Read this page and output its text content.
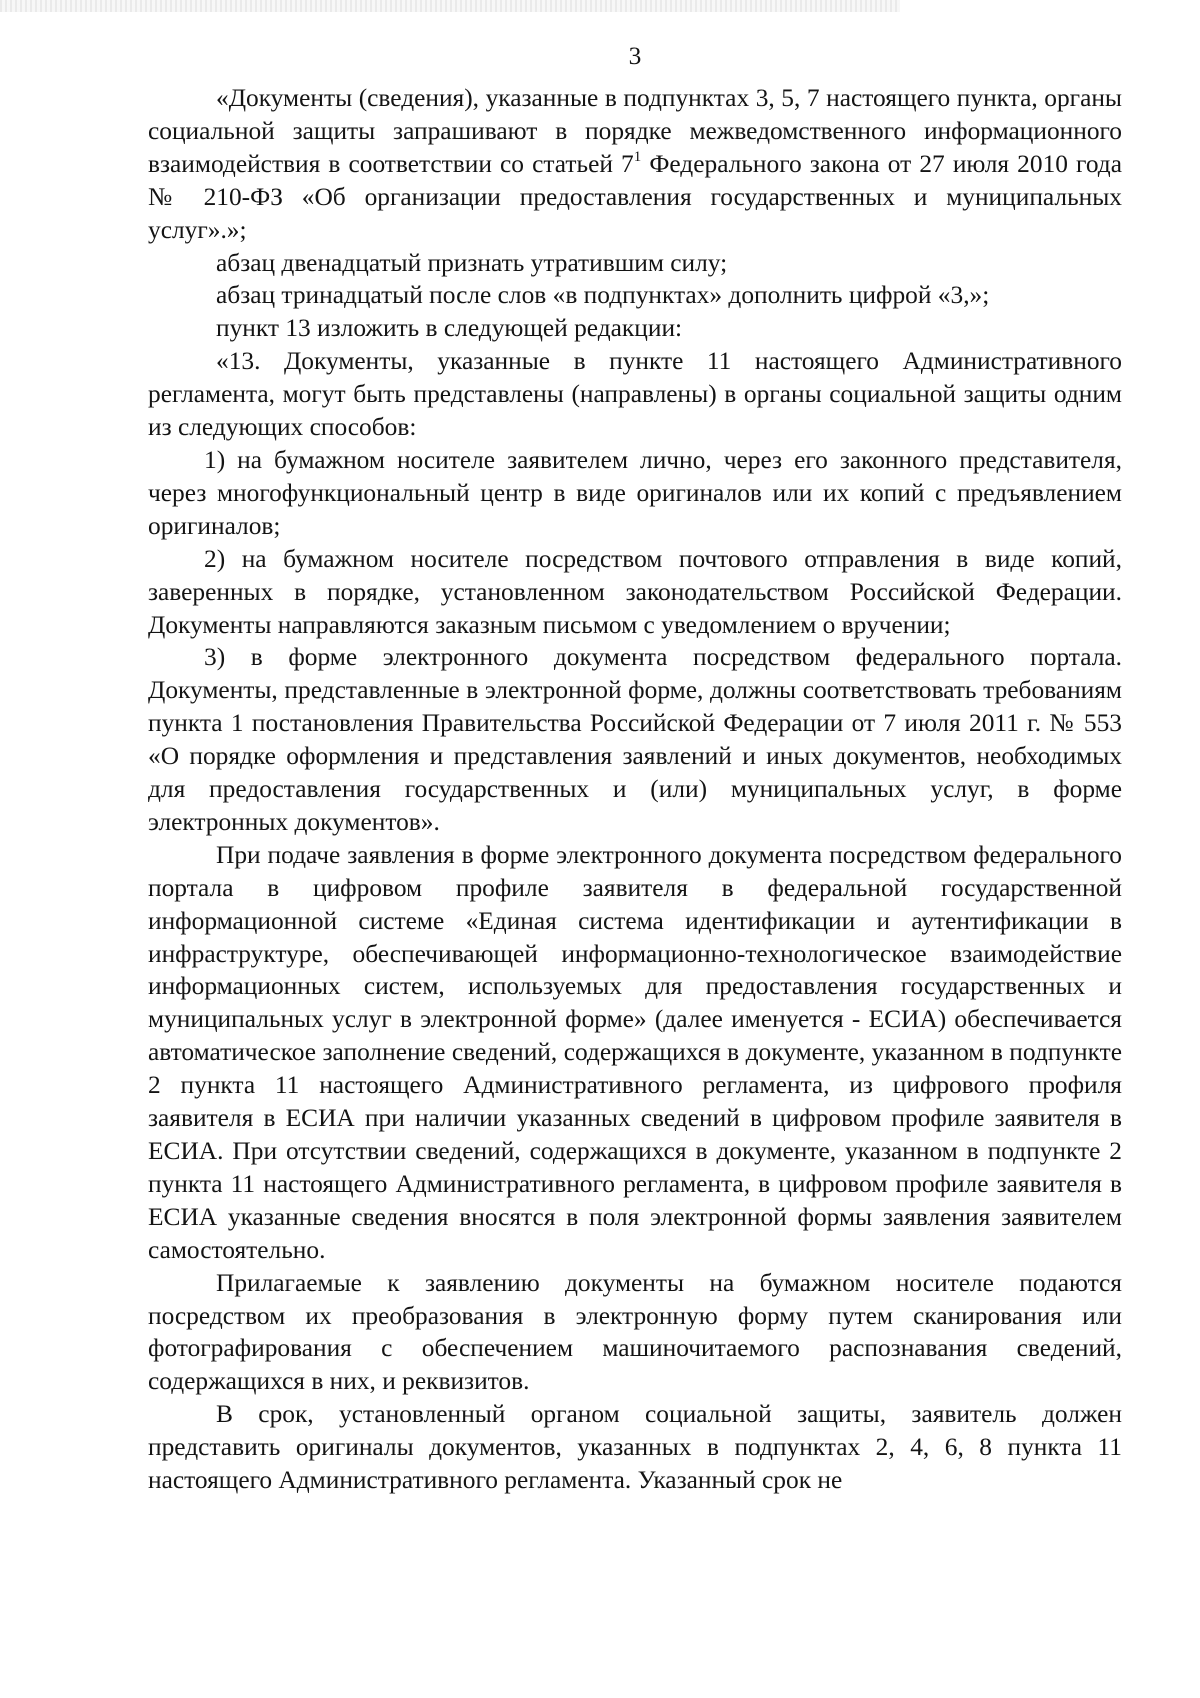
3

«Документы (сведения), указанные в подпунктах 3, 5, 7 настоящего пункта, органы социальной защиты запрашивают в порядке межведомственного информационного взаимодействия в соответствии со статьей $7^1$ Федерального закона от 27 июля 2010 года № 210-ФЗ «Об организации предоставления государственных и муниципальных услуг».»;

абзац двенадцатый признать утратившим силу;

абзац тринадцатый после слов «в подпунктах» дополнить цифрой «3,»;

пункт 13 изложить в следующей редакции:

«13. Документы, указанные в пункте 11 настоящего Административного регламента, могут быть представлены (направлены) в органы социальной защиты одним из следующих способов:

1) на бумажном носителе заявителем лично, через его законного представителя, через многофункциональный центр в виде оригиналов или их копий с предъявлением оригиналов;

2) на бумажном носителе посредством почтового отправления в виде копий, заверенных в порядке, установленном законодательством Российской Федерации. Документы направляются заказным письмом с уведомлением о вручении;

3) в форме электронного документа посредством федерального портала. Документы, представленные в электронной форме, должны соответствовать требованиям пункта 1 постановления Правительства Российской Федерации от 7 июля 2011 г. № 553 «О порядке оформления и представления заявлений и иных документов, необходимых для предоставления государственных и (или) муниципальных услуг, в форме электронных документов».

При подаче заявления в форме электронного документа посредством федерального портала в цифровом профиле заявителя в федеральной государственной информационной системе «Единая система идентификации и аутентификации в инфраструктуре, обеспечивающей информационно-технологическое взаимодействие информационных систем, используемых для предоставления государственных и муниципальных услуг в электронной форме» (далее именуется - ЕСИА) обеспечивается автоматическое заполнение сведений, содержащихся в документе, указанном в подпункте 2 пункта 11 настоящего Административного регламента, из цифрового профиля заявителя в ЕСИА при наличии указанных сведений в цифровом профиле заявителя в ЕСИА. При отсутствии сведений, содержащихся в документе, указанном в подпункте 2 пункта 11 настоящего Административного регламента, в цифровом профиле заявителя в ЕСИА указанные сведения вносятся в поля электронной формы заявления заявителем самостоятельно.

Прилагаемые к заявлению документы на бумажном носителе подаются посредством их преобразования в электронную форму путем сканирования или фотографирования с обеспечением машиночитаемого распознавания сведений, содержащихся в них, и реквизитов.

В срок, установленный органом социальной защиты, заявитель должен представить оригиналы документов, указанных в подпунктах 2, 4, 6, 8 пункта 11 настоящего Административного регламента. Указанный срок не
